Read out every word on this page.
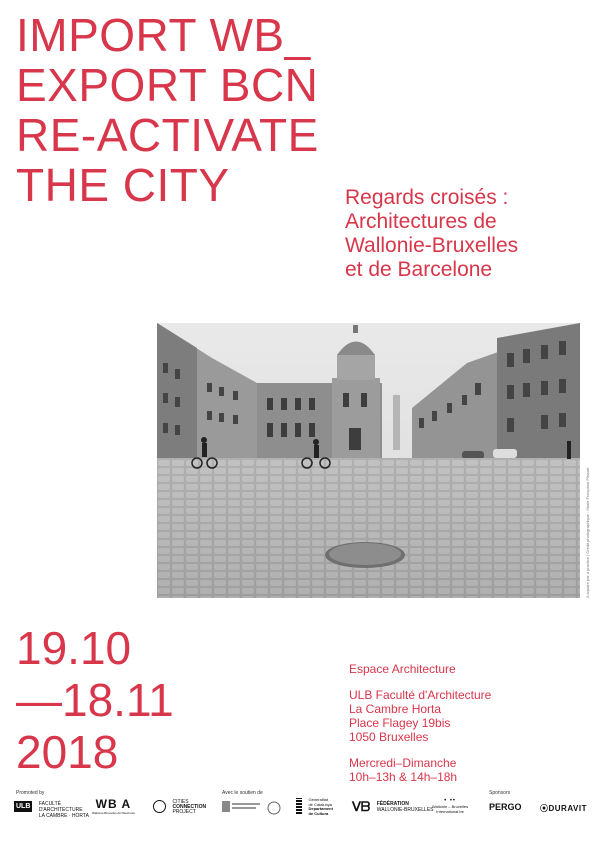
IMPORT WB_
EXPORT BCN
RE-ACTIVATE
THE CITY	Regards croisés :
Architectures de
Wallonie-Bruxelles
et de Barcelone
A square par a practice | Crédit photographique : Marie-Françoise Plissart
19.10
—18.11
2018
Espace Architecture
ULB Faculté d'Architecture
La Cambre Horta
Place Flagey 19bis
1050 Bruxelles
Mercredi–Dimanche
10h–13h & 14h–18h
Promoted by	Avec le soutien de	Sponsors
ULB FACULTÉ
D'ARCHITECTURE
LA CAMBRE · HORTA
WB A
Wallonie-Bruxelles Architectures

CITIES
CONNECTION
PROJECT

Generalitat
de Catalunya
Departament
de Cultura	ᐯᗷ FÉDÉRATION
WALLONIE-BRUXELLES
• ••
Wallonie – Bruxelles
International.be	PERGO ⦿DURAVIT
